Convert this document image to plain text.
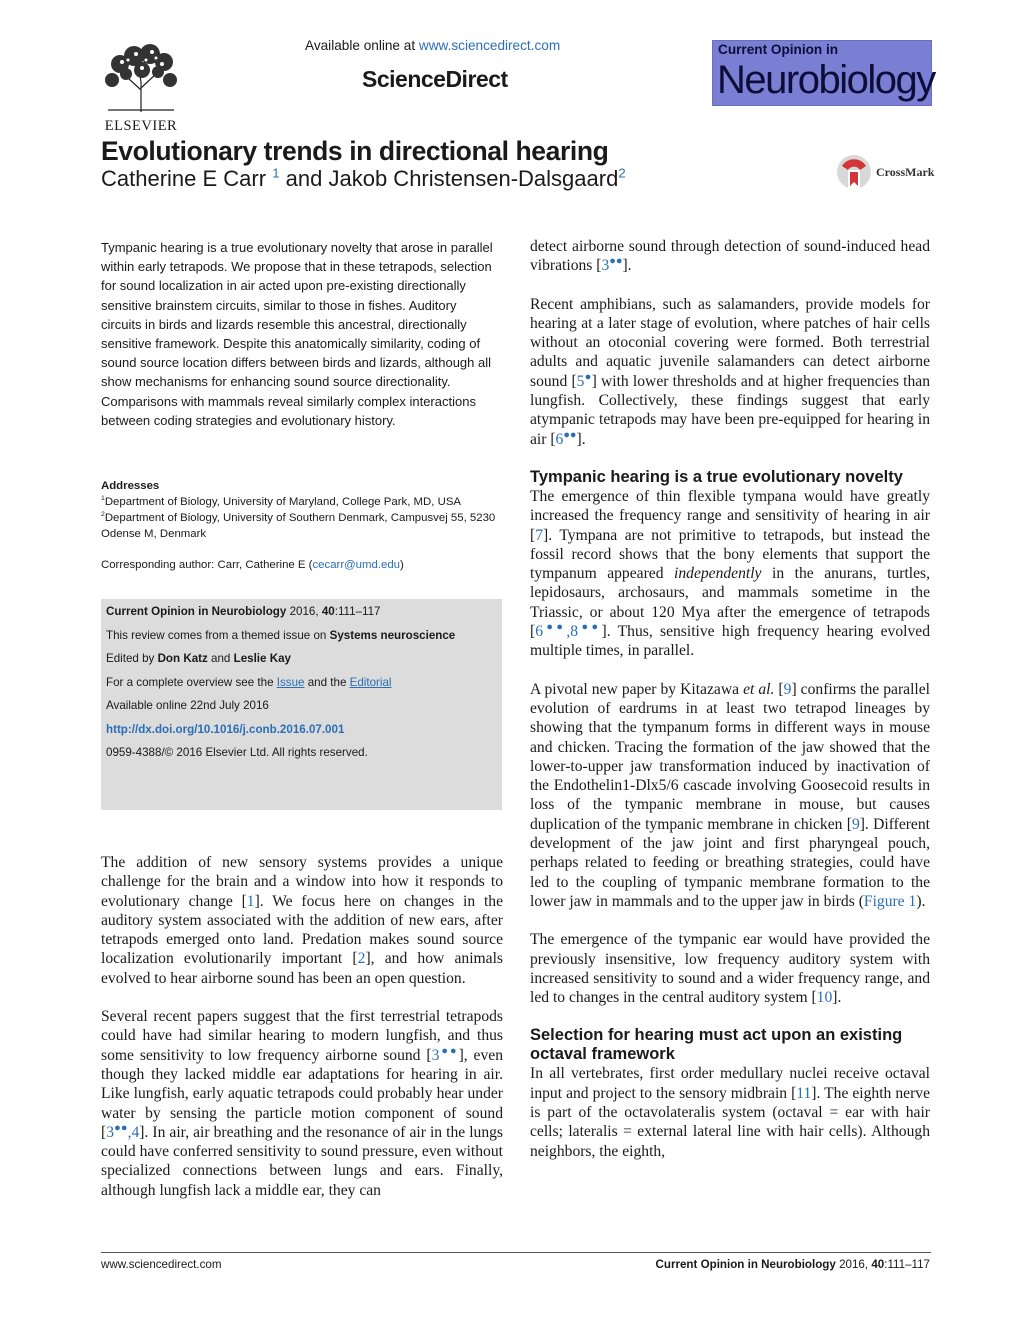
ELSEVIER
Available online at www.sciencedirect.com
ScienceDirect
Current Opinion in
Neurobiology
Evolutionary trends in directional hearing
Catherine E Carr $^1$ and Jakob Christensen-Dalsgaard$^2$	CrossMark

Tympanic hearing is a true evolutionary novelty that arose in parallel within early tetrapods. We propose that in these tetrapods, selection for sound localization in air acted upon pre-existing directionally sensitive brainstem circuits, similar to those in fishes. Auditory circuits in birds and lizards resemble this ancestral, directionally sensitive framework. Despite this anatomically similarity, coding of sound source location differs between birds and lizards, although all show mechanisms for enhancing sound source directionality. Comparisons with mammals reveal similarly complex interactions between coding strategies and evolutionary history.

Addresses
$^1$Department of Biology, University of Maryland, College Park, MD, USA
$^2$Department of Biology, University of Southern Denmark, Campusvej 55, 5230 Odense M, Denmark
Corresponding author: Carr, Catherine E (cecarr@umd.edu)

Current Opinion in Neurobiology 2016, 40:111–117

This review comes from a themed issue on Systems neuroscience

Edited by Don Katz and Leslie Kay

For a complete overview see the Issue and the Editorial

Available online 22nd July 2016

http://dx.doi.org/10.1016/j.conb.2016.07.001

0959-4388/© 2016 Elsevier Ltd. All rights reserved.

The addition of new sensory systems provides a unique challenge for the brain and a window into how it responds to evolutionary change [1]. We focus here on changes in the auditory system associated with the addition of new ears, after tetrapods emerged onto land. Predation makes sound source localization evolutionarily important [2], and how animals evolved to hear airborne sound has been an open question.

Several recent papers suggest that the first terrestrial tetrapods could have had similar hearing to modern lungfish, and thus some sensitivity to low frequency airborne sound [3●●], even though they lacked middle ear adaptations for hearing in air. Like lungfish, early aquatic tetrapods could probably hear under water by sensing the particle motion component of sound [3●●,4]. In air, air breathing and the resonance of air in the lungs could have conferred sensitivity to sound pressure, even without specialized connections between lungs and ears. Finally, although lungfish lack a middle ear, they can

detect airborne sound through detection of sound-induced head vibrations [3●●].

Recent amphibians, such as salamanders, provide models for hearing at a later stage of evolution, where patches of hair cells without an otoconial covering were formed. Both terrestrial adults and aquatic juvenile salamanders can detect airborne sound [5●] with lower thresholds and at higher frequencies than lungfish. Collectively, these findings suggest that early atympanic tetrapods may have been pre-equipped for hearing in air [6●●].

Tympanic hearing is a true evolutionary novelty

The emergence of thin flexible tympana would have greatly increased the frequency range and sensitivity of hearing in air [7]. Tympana are not primitive to tetrapods, but instead the fossil record shows that the bony elements that support the tympanum appeared independently in the anurans, turtles, lepidosaurs, archosaurs, and mammals sometime in the Triassic, or about 120 Mya after the emergence of tetrapods [6●●,8●●]. Thus, sensitive high frequency hearing evolved multiple times, in parallel.

A pivotal new paper by Kitazawa et al. [9] confirms the parallel evolution of eardrums in at least two tetrapod lineages by showing that the tympanum forms in different ways in mouse and chicken. Tracing the formation of the jaw showed that the lower-to-upper jaw transformation induced by inactivation of the Endothelin1-Dlx5/6 cascade involving Goosecoid results in loss of the tympanic membrane in mouse, but causes duplication of the tympanic membrane in chicken [9]. Different development of the jaw joint and first pharyngeal pouch, perhaps related to feeding or breathing strategies, could have led to the coupling of tympanic membrane formation to the lower jaw in mammals and to the upper jaw in birds (Figure 1).

The emergence of the tympanic ear would have provided the previously insensitive, low frequency auditory system with increased sensitivity to sound and a wider frequency range, and led to changes in the central auditory system [10].

Selection for hearing must act upon an existing octaval framework

In all vertebrates, first order medullary nuclei receive octaval input and project to the sensory midbrain [11]. The eighth nerve is part of the octavolateralis system (octaval = ear with hair cells; lateralis = external lateral line with hair cells). Although neighbors, the eighth,

www.sciencedirect.com	Current Opinion in Neurobiology 2016, 40:111–117
